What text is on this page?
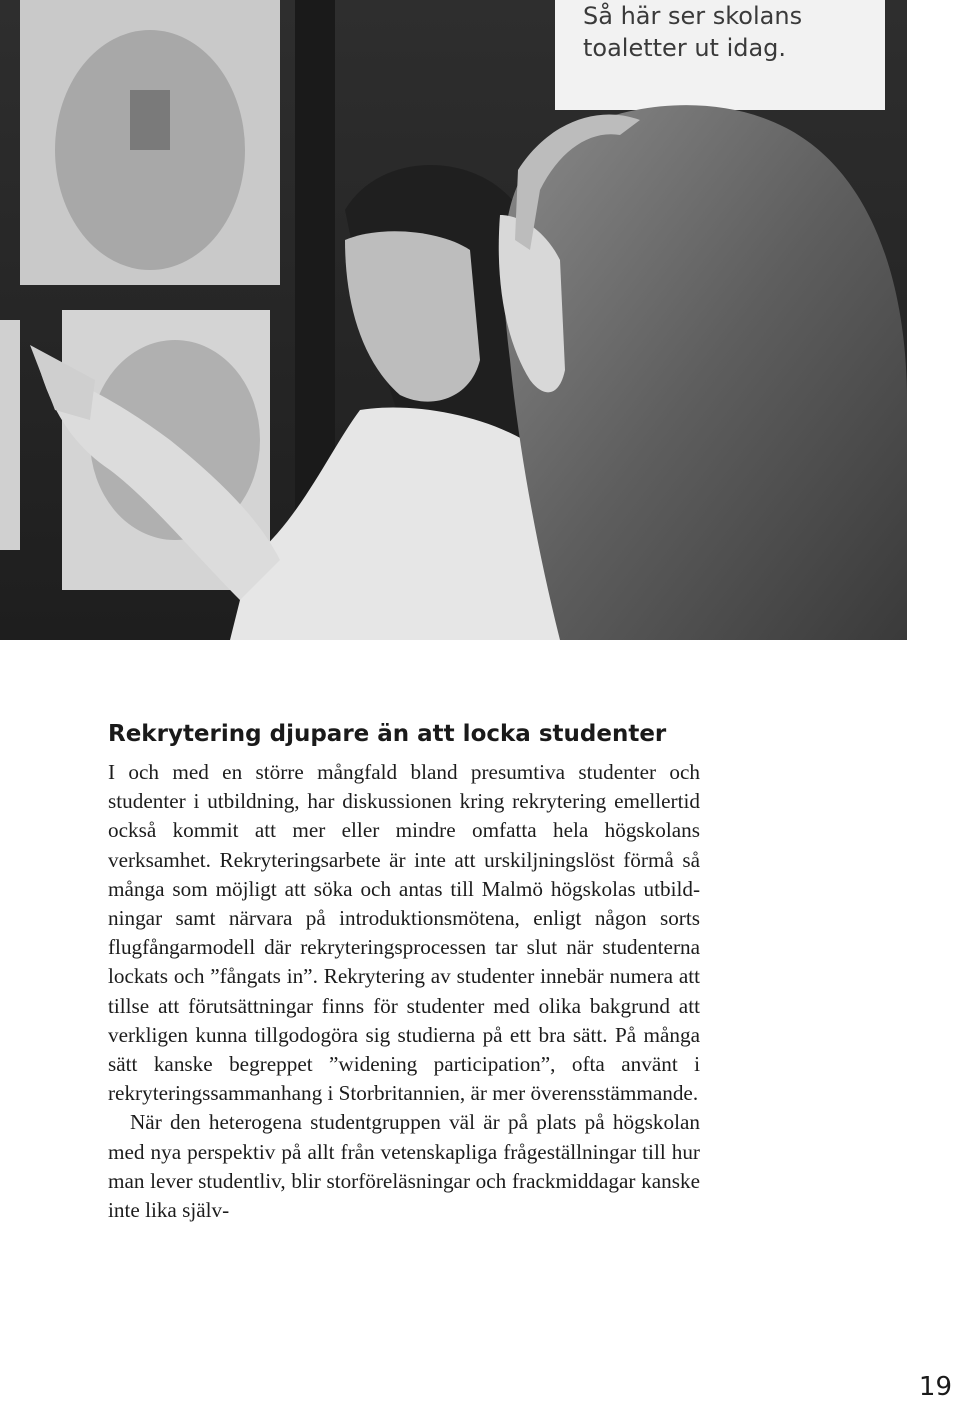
Så här ser skolans
toaletter ut idag.
Rekrytering djupare än att locka studenter

I och med en större mångfald bland presumtiva studenter och studenter i utbildning, har diskussionen kring rekrytering emellertid också kommit att mer eller mindre omfatta hela högskolans verksamhet. Rekryteringsarbete är inte att urskiljningslöst förmå så många som möjligt att söka och antas till Malmö högskolas utbildningar samt närvara på introduktionsmötena, enligt någon sorts flugfångarmodell där rekryteringsprocessen tar slut när studenterna lockats och ”fångats in”. Rekrytering av studenter innebär numera att tillse att förutsättningar finns för studenter med olika bakgrund att verkligen kunna tillgodogöra sig studierna på ett bra sätt. På många sätt kanske begreppet ”widening participation”, ofta använt i rekryteringssammanhang i Storbritannien, är mer överensstämmande.

När den heterogena studentgruppen väl är på plats på högskolan med nya perspektiv på allt från vetenskapliga frågeställningar till hur man lever studentliv, blir storföreläsningar och frackmiddagar kanske inte lika själv-

19
